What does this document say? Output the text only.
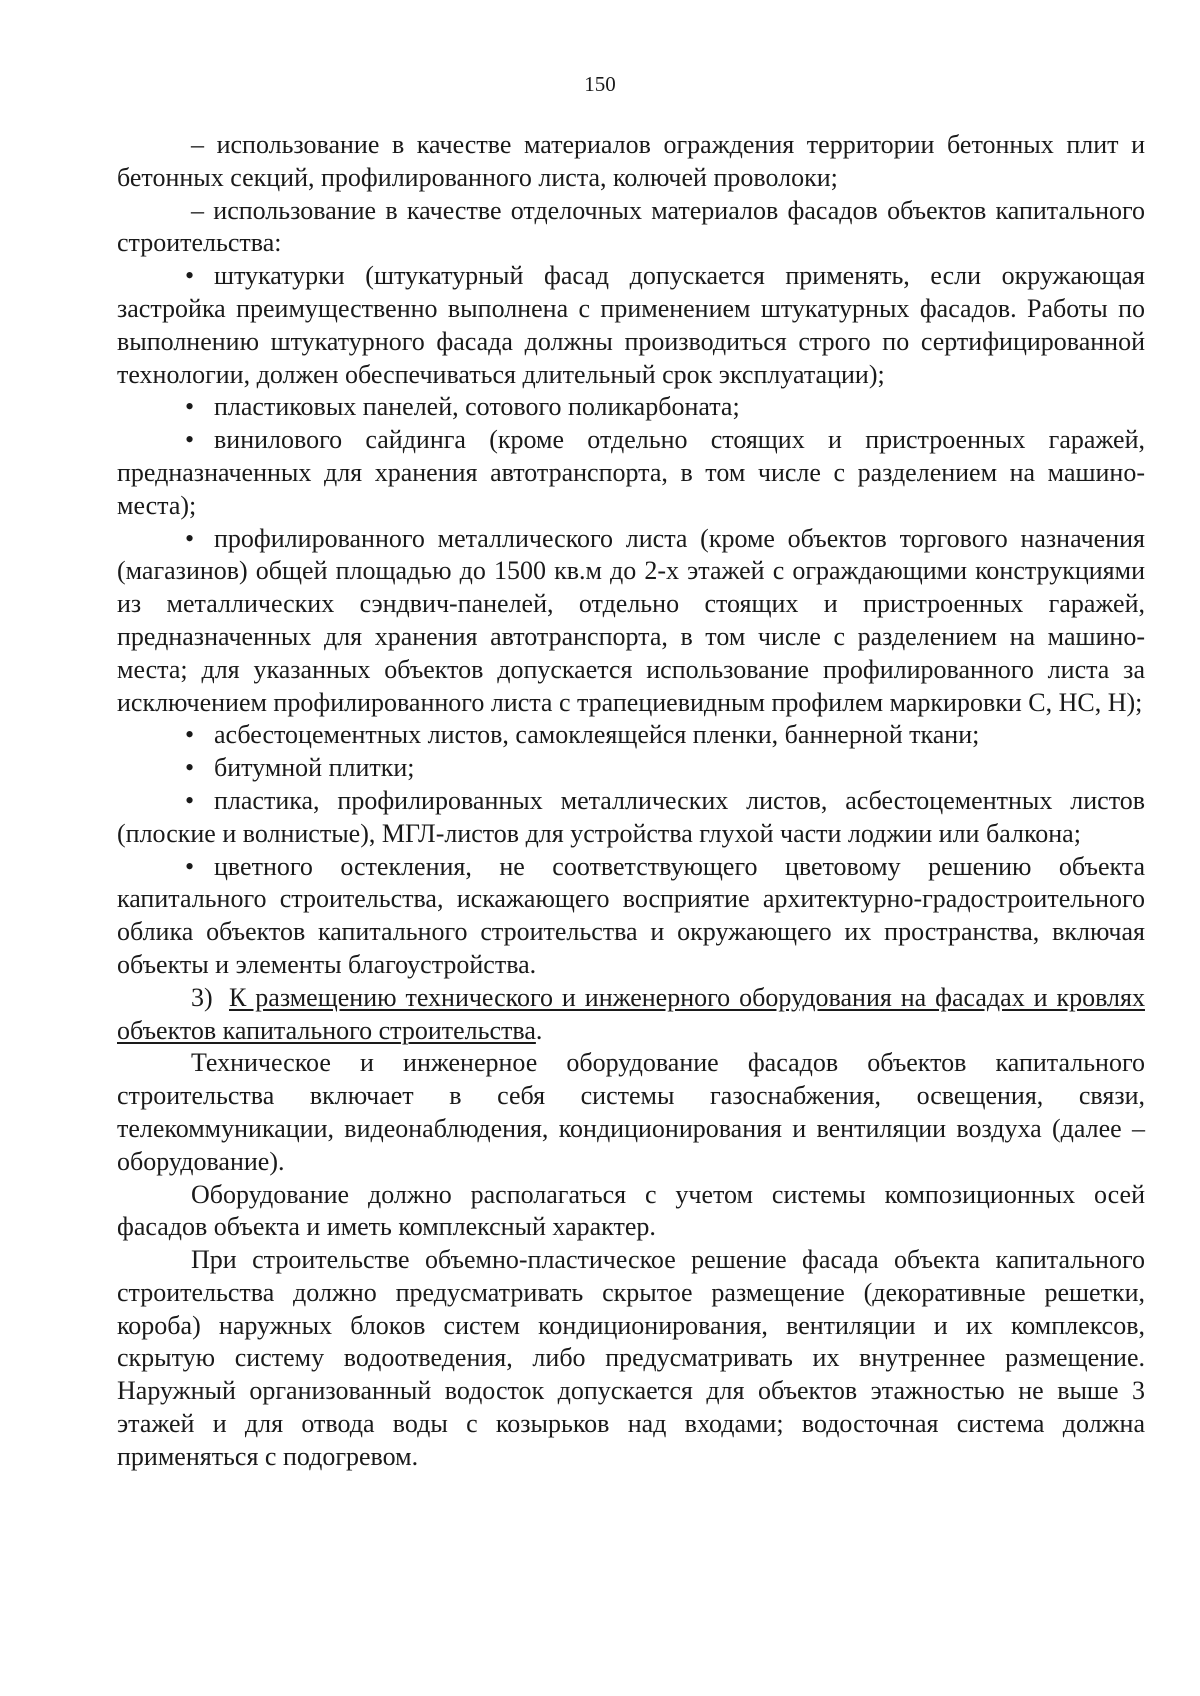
150

– использование в качестве материалов ограждения территории бетонных плит и бетонных секций, профилированного листа, колючей проволоки;

– использование в качестве отделочных материалов фасадов объектов капитального строительства:

• штукатурки (штукатурный фасад допускается применять, если окружающая застройка преимущественно выполнена с применением штукатурных фасадов. Работы по выполнению штукатурного фасада должны производиться строго по сертифицированной технологии, должен обеспечиваться длительный срок эксплуатации);

• пластиковых панелей, сотового поликарбоната;

• винилового сайдинга (кроме отдельно стоящих и пристроенных гаражей, предназначенных для хранения автотранспорта, в том числе с разделением на машино-места);

• профилированного металлического листа (кроме объектов торгового назначения (магазинов) общей площадью до 1500 кв.м до 2-х этажей с ограждающими конструкциями из металлических сэндвич-панелей, отдельно стоящих и пристроенных гаражей, предназначенных для хранения автотранспорта, в том числе с разделением на машино-места; для указанных объектов допускается использование профилированного листа за исключением профилированного листа с трапециевидным профилем маркировки С, НС, Н);

• асбестоцементных листов, самоклеящейся пленки, баннерной ткани;

• битумной плитки;

• пластика, профилированных металлических листов, асбестоцементных листов (плоские и волнистые), МГЛ-листов для устройства глухой части лоджии или балкона;

• цветного остекления, не соответствующего цветовому решению объекта капитального строительства, искажающего восприятие архитектурно-градостроительного облика объектов капитального строительства и окружающего их пространства, включая объекты и элементы благоустройства.

3) К размещению технического и инженерного оборудования на фасадах и кровлях объектов капитального строительства.

Техническое и инженерное оборудование фасадов объектов капитального строительства включает в себя системы газоснабжения, освещения, связи, телекоммуникации, видеонаблюдения, кондиционирования и вентиляции воздуха (далее – оборудование).

Оборудование должно располагаться с учетом системы композиционных осей фасадов объекта и иметь комплексный характер.

При строительстве объемно-пластическое решение фасада объекта капитального строительства должно предусматривать скрытое размещение (декоративные решетки, короба) наружных блоков систем кондиционирования, вентиляции и их комплексов, скрытую систему водоотведения, либо предусматривать их внутреннее размещение. Наружный организованный водосток допускается для объектов этажностью не выше 3 этажей и для отвода воды с козырьков над входами; водосточная система должна применяться с подогревом.
